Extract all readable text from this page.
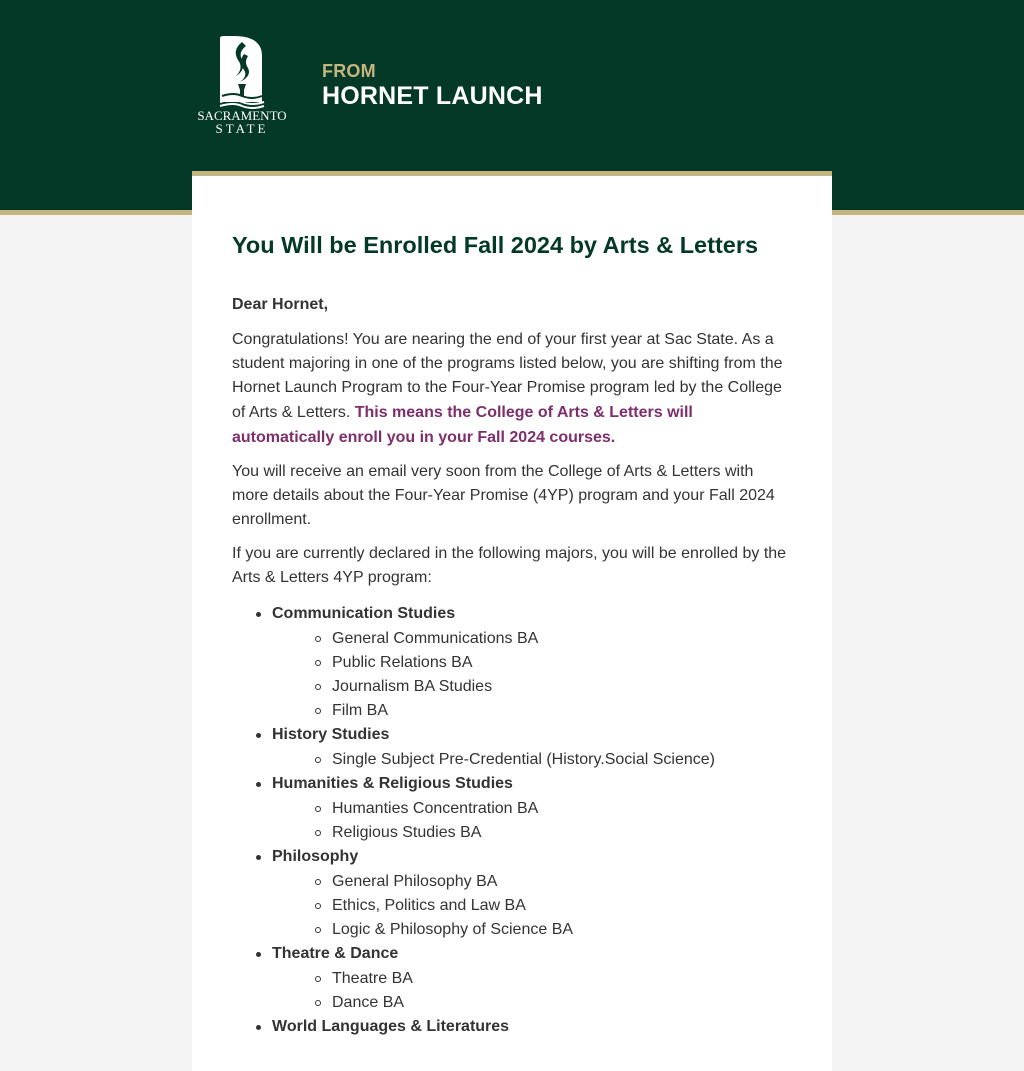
SACRAMENTO
STATE
FROM
HORNET LAUNCH
You Will be Enrolled Fall 2024 by Arts & Letters
Dear Hornet,

Congratulations! You are nearing the end of your first year at Sac State. As a student majoring in one of the programs listed below, you are shifting from the Hornet Launch Program to the Four-Year Promise program led by the College of Arts & Letters. This means the College of Arts & Letters will automatically enroll you in your Fall 2024 courses.

You will receive an email very soon from the College of Arts & Letters with more details about the Four-Year Promise (4YP) program and your Fall 2024 enrollment.

If you are currently declared in the following majors, you will be enrolled by the Arts & Letters 4YP program:

Communication Studies
General Communications BA
Public Relations BA
Journalism BA Studies
Film BA
History Studies
Single Subject Pre-Credential (History.Social Science)
Humanities & Religious Studies
Humanties Concentration BA
Religious Studies BA
Philosophy
General Philosophy BA
Ethics, Politics and Law BA
Logic & Philosophy of Science BA
Theatre & Dance
Theatre BA
Dance BA
World Languages & Literatures
